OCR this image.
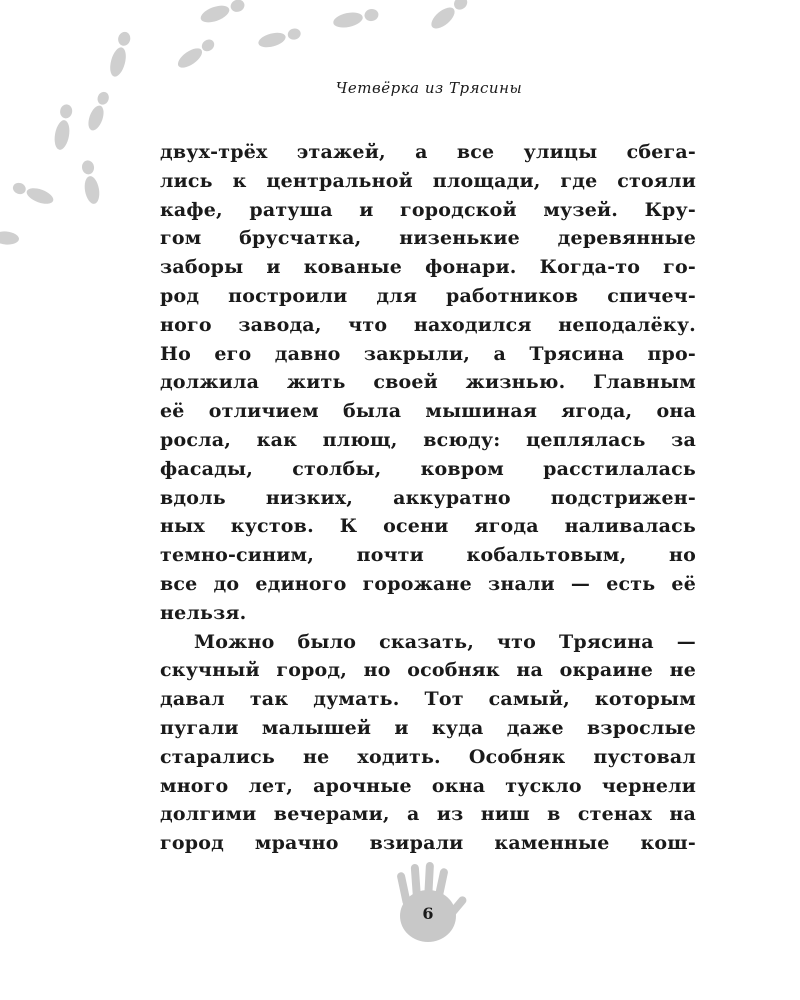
Четвёрка из Трясины
двух-трёх этажей, а все улицы сбега-
лись к центральной площади, где стояли
кафе, ратуша и городской музей. Кру-
гом брусчатка, низенькие деревянные
заборы и кованые фонари. Когда-то го-
род построили для работников спичеч-
ного завода, что находился неподалёку.
Но его давно закрыли, а Трясина про-
должила жить своей жизнью. Главным
её отличием была мышиная ягода, она
росла, как плющ, всюду: цеплялась за
фасады, столбы, ковром расстилалась
вдоль низких, аккуратно подстрижен-
ных кустов. К осени ягода наливалась
темно-синим, почти кобальтовым, но
все до единого горожане знали — есть её
нельзя.
Можно было сказать, что Трясина —
скучный город, но особняк на окраине не
давал так думать. Тот самый, которым
пугали малышей и куда даже взрослые
старались не ходить. Особняк пустовал
много лет, арочные окна тускло чернели
долгими вечерами, а из ниш в стенах на
город мрачно взирали каменные кош-
6
